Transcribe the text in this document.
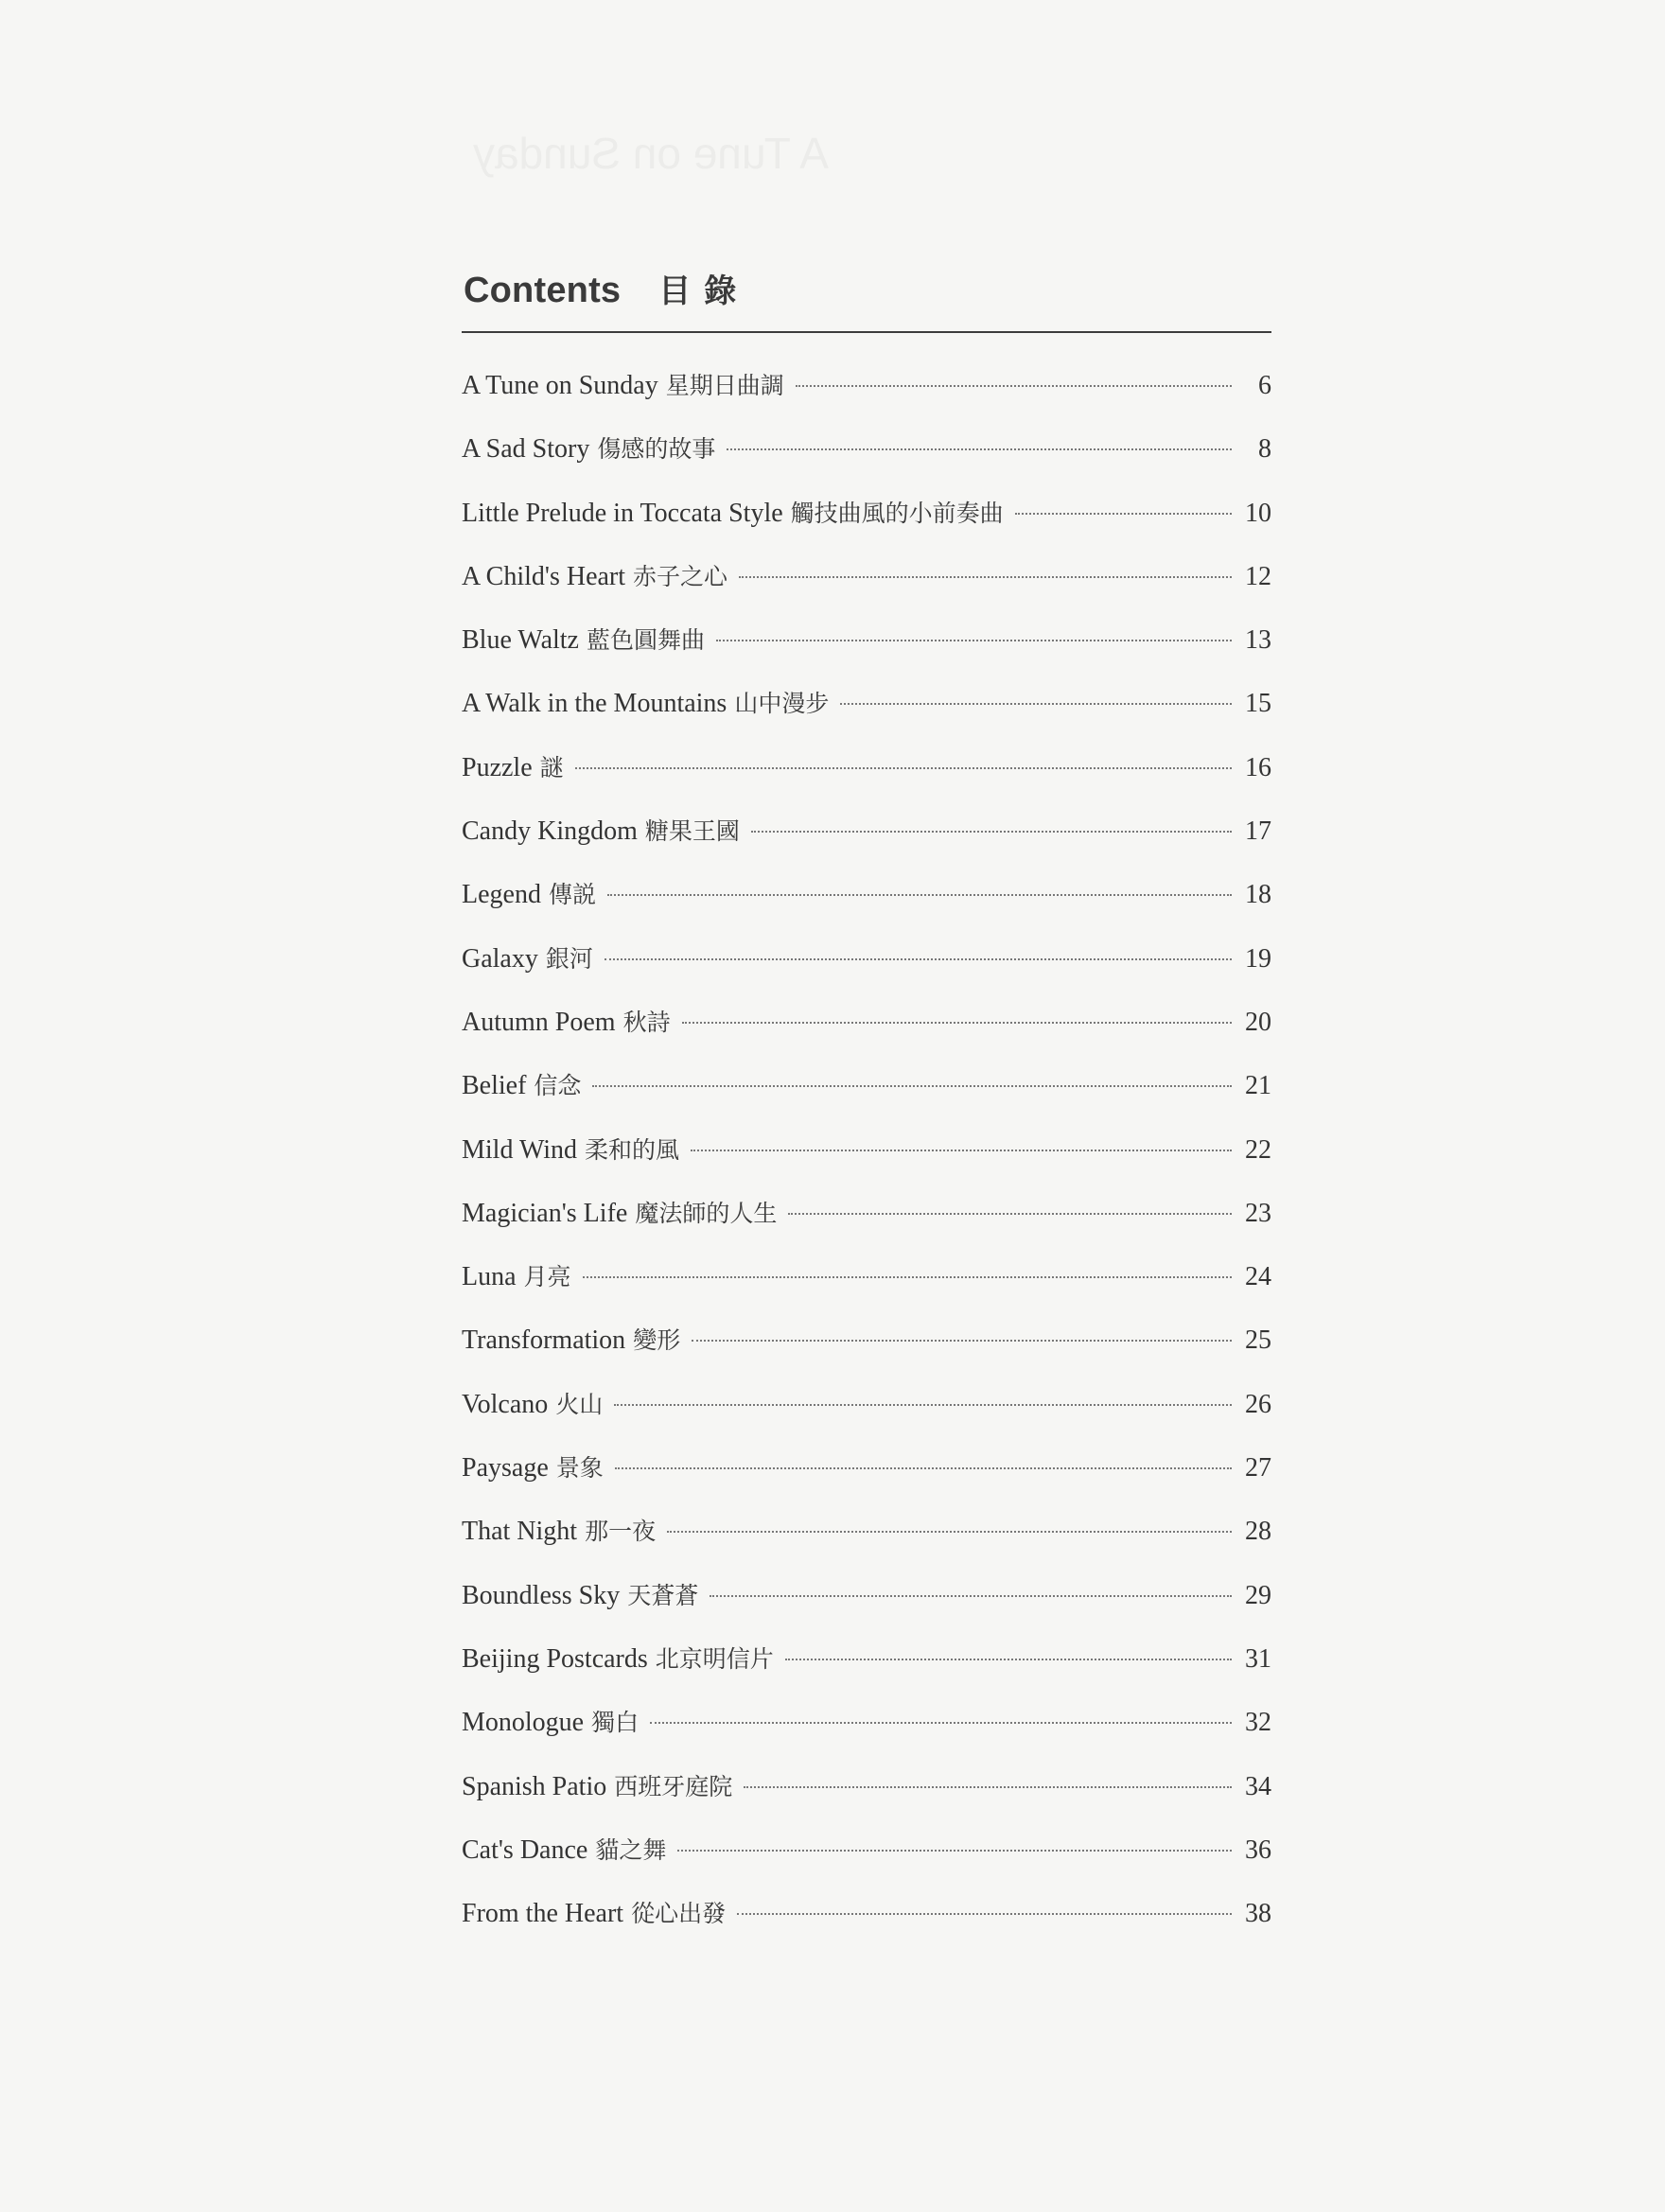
A Tune on Sunday
Contents 目錄
A Tune on Sunday 星期日曲調	6
A Sad Story 傷感的故事	8
Little Prelude in Toccata Style 觸技曲風的小前奏曲	10
A Child's Heart 赤子之心	12
Blue Waltz 藍色圓舞曲	13
A Walk in the Mountains 山中漫步	15
Puzzle 謎	16
Candy Kingdom 糖果王國	17
Legend 傳説	18
Galaxy 銀河	19
Autumn Poem 秋詩	20
Belief 信念	21
Mild Wind 柔和的風	22
Magician's Life 魔法師的人生	23
Luna 月亮	24
Transformation 變形	25
Volcano 火山	26
Paysage 景象	27
That Night 那一夜	28
Boundless Sky 天蒼蒼	29
Beijing Postcards 北京明信片	31
Monologue 獨白	32
Spanish Patio 西班牙庭院	34
Cat's Dance 貓之舞	36
From the Heart 從心出發	38
